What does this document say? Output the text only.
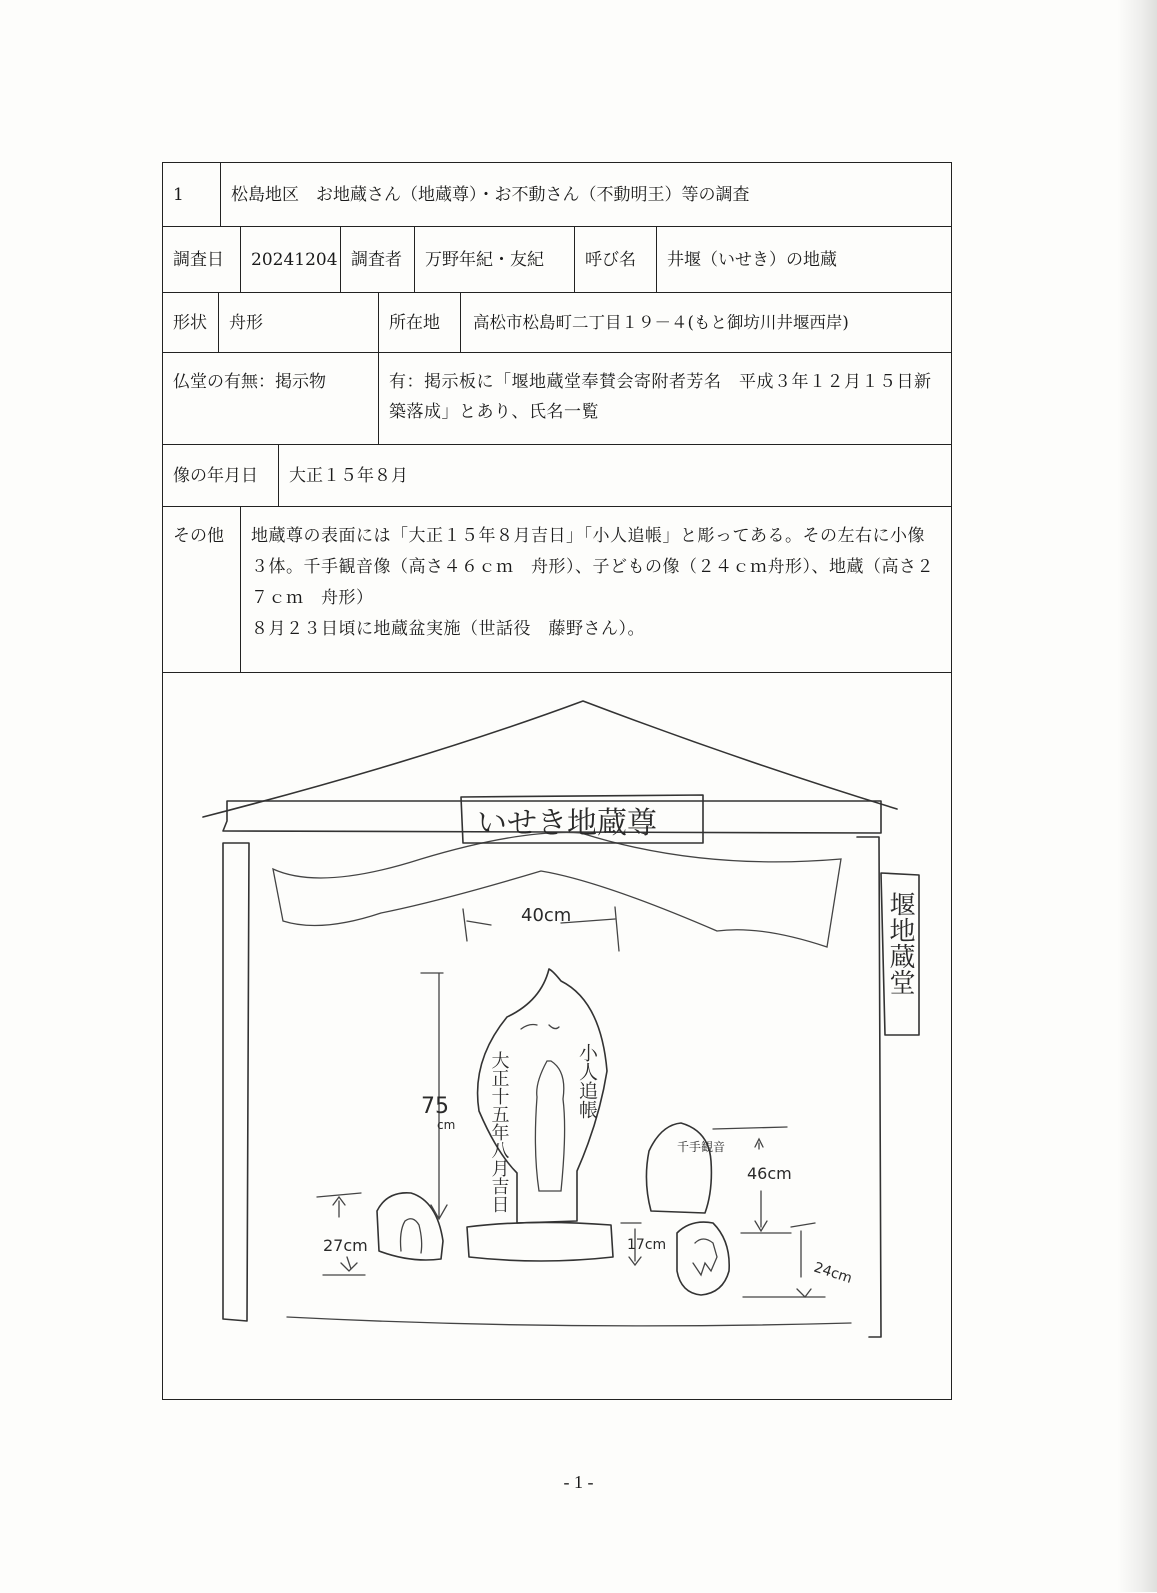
1	松島地区　お地蔵さん（地蔵尊）・お不動さん（不動明王）等の調査
調査日	20241204 調査者	万野年紀・友紀	呼び名	井堰（いせき）の地蔵
形状	舟形	所在地	高松市松島町二丁目１９－４(もと御坊川井堰西岸)
仏堂の有無：掲示物	有：掲示板に「堰地蔵堂奉賛会寄附者芳名　平成３年１２月１５日新築落成」とあり、氏名一覧
像の年月日	大正１５年８月
その他	地蔵尊の表面には「大正１５年８月吉日」「小人追帳」と彫ってある。その左右に小像３体。千手観音像（高さ４６ｃｍ　舟形）、子どもの像（２４ｃｍ舟形）、地蔵（高さ２７ｃｍ　舟形）
８月２３日頃に地蔵盆実施（世話役　藤野さん）。
いせき地蔵尊
堰地蔵堂
大正十五年八月吉日	小人追帳
千手観音
40cm
75
cm
46cm
24cm
27cm	17cm
- 1 -
